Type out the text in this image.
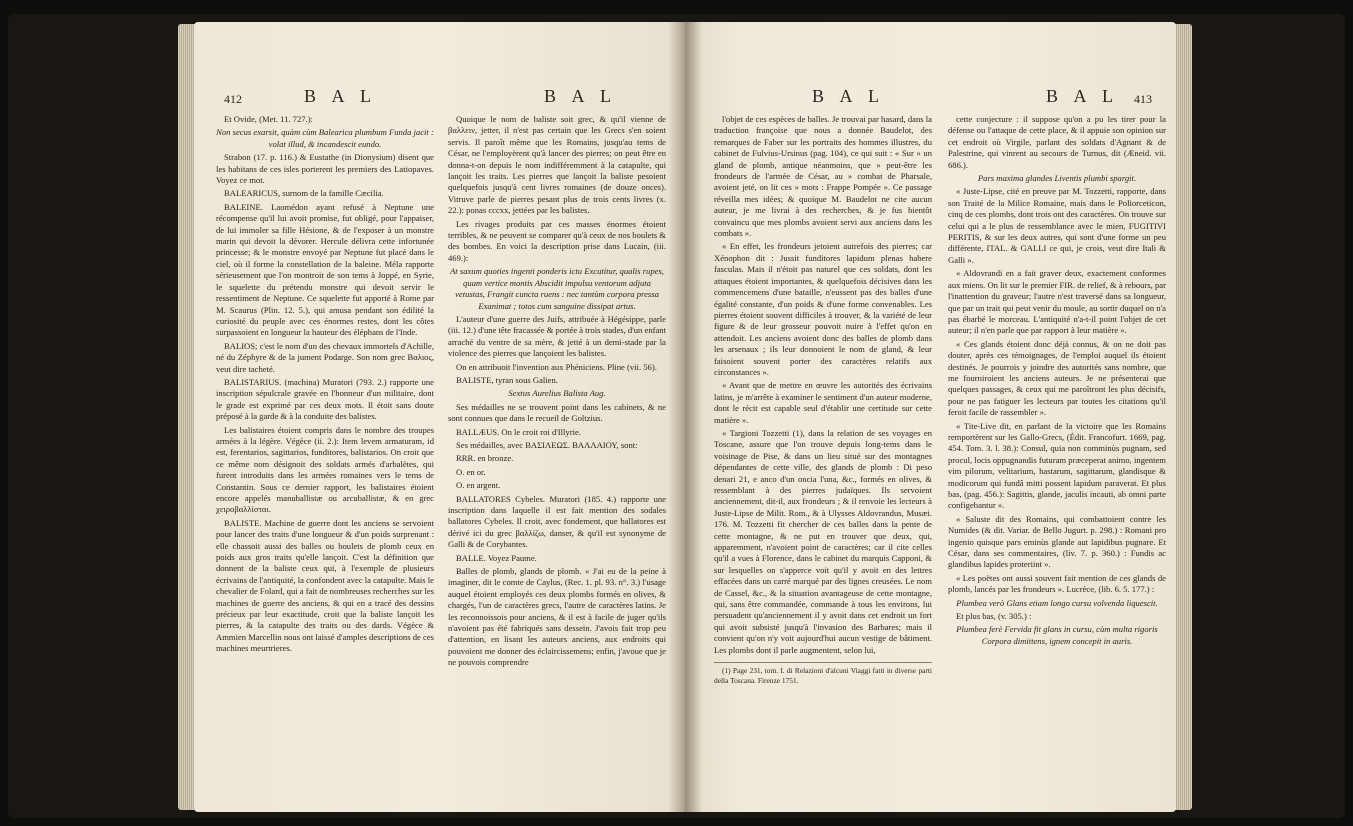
412	B A L	B A L

Et Ovide, (Met. 11. 727.):

Non secus exarsit, quàm cùm Balearica plumbum Funda jacit : volat illud, & incandescit eundo.

Strabon (17. p. 116.) & Eustathe (in Dionysium) disent que les habitans de ces isles porterent les premiers des Latiopaves. Voyez ce mot.

BALEARICUS, surnom de la famille Cæcilia.

BALEINE. Laomédon ayant refusé à Neptune une récompense qu'il lui avoit promise, fut obligé, pour l'appaiser, de lui immoler sa fille Hésione, & de l'exposer à un monstre marin qui devoit la dévorer. Hercule délivra cette infortunée princesse; & le monstre envoyé par Neptune fut placé dans le ciel, où il forme la constellation de la baleine. Méla rapporte sérieusement que l'on montroit de son tems à Joppé, en Syrie, le squelette du prétendu monstre qui devoit servir le ressentiment de Neptune. Ce squelette fut apporté à Rome par M. Scaurus (Plin. 12. 5.), qui amusa pendant son édilité la curiosité du peuple avec ces énormes restes, dont les côtes surpassoient en longueur la hauteur des éléphans de l'Inde.

BALIOS; c'est le nom d'un des chevaux immortels d'Achille, né du Zéphyre & de la jument Podarge. Son nom grec Βαλιος, veut dire tacheté.

BALISTARIUS. (machina) Muratori (793. 2.) rapporte une inscription sépulcrale gravée en l'honneur d'un militaire, dont le grade est exprimé par ces deux mots. Il étoit sans doute préposé à la garde & à la conduite des balistes.

Les balistaires étoient compris dans le nombre des troupes armées à la légère. Végèce (ii. 2.): Item levem armaturam, id est, ferentarios, sagittarios, funditores, balistarios. On croit que ce même nom désignoit des soldats armés d'arbalètes, qui furent introduits dans les armées romaines vers le tems de Constantin. Sous ce dernier rapport, les balistaires étoient encore appelés manuballistæ ou arcuballistæ, & en grec χειροβαλλίσται.

BALISTE. Machine de guerre dont les anciens se servoient pour lancer des traits d'une longueur & d'un poids surprenant : elle chassoit aussi des balles ou boulets de plomb ceux en poids aux gros traits qu'elle lançoit. C'est la définition que donnent de la baliste ceux qui, à l'exemple de plusieurs écrivains de l'antiquité, la confondent avec la catapulte. Mais le chevalier de Folard, qui a fait de nombreuses recherches sur les machines de guerre des anciens, & qui en a tracé des dessins précieux par leur exactitude, croit que la baliste lançoit les pierres, & la catapulte des traits ou des dards. Végèce & Ammien Marcellin nous ont laissé d'amples descriptions de ces machines meurtrieres.

Quoique le nom de baliste soit grec, & qu'il vienne de βαλλειν, jetter, il n'est pas certain que les Grecs s'en soient servis. Il paroît même que les Romains, jusqu'au tems de César, ne l'employèrent qu'à lancer des pierres; on peut être en donna-t-on depuis le nom indifféremment à la catapulte, qui lançoit les traits. Les pierres que lançoit la baliste pesoient quelquefois jusqu'à cent livres romaines (de douze onces). Vitruve parle de pierres pesant plus de trois cents livres (x. 22.): ponas cccxx, jettées par les balistes.

Les rivages produits par ces masses énormes étoient terribles, & ne peuvent se comparer qu'à ceux de nos boulets & des bombes. En voici la description prise dans Lucain, (iii. 469.):

At saxum quoties ingenti ponderis ictu Excutitur, qualis rupes, quam vertice montis Abscidit impulsu ventorum adjuta vetustas, Frangit cuncta ruens : nec tantùm corpora pressa Exanimat ; totos cum sanguine dissipat artus.

L'auteur d'une guerre des Juifs, attribuée à Hégésippe, parle (iii. 12.) d'une tête fracassée & portée à trois stades, d'un enfant arraché du ventre de sa mère, & jetté à un demi-stade par la violence des pierres que lançoient les balistes.

On en attribuoit l'invention aux Phéniciens. Pline (vii. 56).

BALISTE, tyran sous Galien.

Sextus Aurelius Balista Aug.

Ses médailles ne se trouvent point dans les cabinets, & ne sont connues que dans le recueil de Goltzius.

BALLÆUS. On le croit roi d'Illyrie.

Ses médailles, avec ΒΑΣΙΛΕΩΣ. ΒΑΛΛΑΙΟΥ, sont:

RRR. en bronze.

O. en or.

O. en argent.

BALLATORES Cybeles. Muratori (185. 4.) rapporte une inscription dans laquelle il est fait mention des sodales ballatores Cybeles. Il croit, avec fondement, que ballatores est dérivé ici du grec βαλλίζω, danser, & qu'il est synonyme de Galli & de Corybantes.

BALLE. Voyez Paume.

Balles de plomb, glands de plomb. « J'ai eu de la peine à imaginer, dit le comte de Caylus, (Rec. 1. pl. 93. n°. 3.) l'usage auquel étoient employés ces deux plombs formés en olives, & chargés, l'un de caractères grecs, l'autre de caractères latins. Je les reconnoissois pour anciens, & il est à facile de juger qu'ils n'avoient pas été fabriqués sans dessein. J'avois fait trop peu d'attention, en lisant les auteurs anciens, aux endroits qui pouvoient me donner des éclaircissemens; enfin, j'avoue que je ne pouvois comprendre

B A L	B A L 413

l'objet de ces espèces de balles. Je trouvai par hasard, dans la traduction françoise que nous a donnée Baudelot, des remarques de Faber sur les portraits des hommes illustres, du cabinet de Fulvius-Ursinus (pag. 104), ce qui suit : « Sur » un gland de plomb, antique néanmoins, que » peut-être les frondeurs de l'armée de César, au » combat de Pharsale, avoient jeté, on lit ces » mots : Frappe Pompée ». Ce passage réveilla mes idées; & quoique M. Baudelot ne cite aucun auteur, je me livrai à des recherches, & je fus bientôt convaincu que mes plombs avoient servi aux anciens dans les combats ».

« En effet, les frondeurs jetoient autrefois des pierres; car Xénophon dit : Jussit funditores lapidum plenas habere fasculas. Mais il n'étoit pas naturel que ces soldats, dont les attaques étoient importantes, & quelquefois décisives dans les commencemens d'une bataille, n'eussent pas des balles d'une égalité constante, d'un poids & d'une forme convenables. Les pierres étoient souvent difficiles à trouver, & la variété de leur figure & de leur grosseur pouvoit nuire à l'effet qu'on en attendoit. Les anciens avoient donc des balles de plomb dans les arsenaux ; ils leur donnoient le nom de gland, & leur faisoient souvent porter des caractères relatifs aux circonstances ».

« Avant que de mettre en œuvre les autorités des écrivains latins, je m'arrête à examiner le sentiment d'un auteur moderne, dont le récit est capable seul d'établir une certitude sur cette matière ».

« Targioni Tozzetti (1), dans la relation de ses voyages en Toscane, assure que l'on trouve depuis long-tems dans le voisinage de Pise, & dans un lieu situé sur des montagnes dépendantes de cette ville, des glands de plomb : Di peso denari 21, e anco d'un oncia l'una, &c., formés en olives, & ressemblant à des pierres judaïques. Ils servoient anciennement, dit-il, aux frondeurs ; & il renvoie les lecteurs à Juste-Lipse de Milit. Rom., & à Ulysses Aldovrandus, Musæi. 176. M. Tozzetti fit chercher de ces balles dans la pente de cette montagne, & ne put en trouver que deux, qui, apparemment, n'avoient point de caractères; car il cite celles qu'il a vues à Florence, dans le cabinet du marquis Capponi, & sur lesquelles on s'apperce voit qu'il y avoit en des lettres effacées dans un carré marqué par des lignes creusées. Le nom de Cassel, &c., & la situation avantageuse de cette montagne, qui, sans être commandée, commande à tous les environs, lui persuadent qu'anciennement il y avoit dans cet endroit un fort qui avoit subsisté jusqu'à l'invasion des Barbares; mais il convient qu'on n'y voit aujourd'hui aucun vestige de bâtiment. Les plombs dont il parle augmentent, selon lui,

(1) Page 231, tom. I. di Relazioni d'alcuni Viaggi fatti in diverse parti della Toscana. Firenze 1751.

cette conjecture : il suppose qu'on a pu les tirer pour la défense ou l'attaque de cette place, & il appuie son opinion sur cet endroit où Virgile, parlant des soldats d'Agnant & de Palestrine, qui vinrent au secours de Turnus, dit (Æneid. vii. 686.).

Pars maxima glandes Liventis plumbi spargit.

« Juste-Lipse, cité en preuve par M. Tozzetti, rapporte, dans son Traité de la Milice Romaine, mais dans le Poliorceticon, cinq de ces plombs, dont trois ont des caractères. On trouve sur celui qui a le plus de ressemblance avec le mien, FUGITIVI PERITIS, & sur les deux autres, qui sont d'une forme un peu différente, ITAL. & GALLI ce qui, je crois, veut dire Itali & Galli ».

« Aldovrandi en a fait graver deux, exactement conformes aux miens. On lit sur le premier FIR. de relief, & à rebours, par l'inattention du graveur; l'autre n'est traversé dans sa longueur, que par un trait qui peut venir du moule, au sortir duquel on n'a pas ébarbé le morceau. L'antiquité n'a-t-il point l'objet de cet auteur; il n'en parle que par rapport à leur matière ».

« Ces glands étoient donc déjà connus, & on ne doit pas douter, après ces témoignages, de l'emploi auquel ils étoient destinés. Je pourrois y joindre des autorités sans nombre, que me fourniroient les anciens auteurs. Je ne présenterai que quelques passages, & ceux qui me paroîtront les plus décisifs, pour ne pas fatiguer les lecteurs par toutes les citations qu'il feroit facile de rassembler ».

« Tite-Live dit, en parlant de la victoire que les Romains remportèrent sur les Gallo-Grecs, (Édit. Francofurt. 1669, pag. 454. Tom. 3. l. 38.): Consul, quia non comminùs pugnam, sed procul, locis oppugnandis futuram præceperat animo, ingentem vim pilorum, velitarium, hastarum, sagittarum, glandisque & modicorum qui fundâ mitti possent lapidum paraverat. Et plus bas, (pag. 456.): Sagittis, glande, jaculis incauti, ab omni parte configebantur ».

« Saluste dit des Romains, qui combattoient contre les Numides (& dit. Variar. de Bello Jugurt. p. 298.) : Romani pro ingenio quisque pars eminùs glande aut lapidibus pugnare. Et César, dans ses commentaires, (liv. 7. p. 360.) : Fundis ac glandibus lapides proteriint ».

« Les poëtes ont aussi souvent fait mention de ces glands de plomb, lancés par les frondeurs ». Lucrèce, (lib. 6. 5. 177.) :

Plumbea verò Glans etiam longo cursu volvenda liquescit.

Et plus bas, (v. 305.) :

Plumbea ferè Fervida fit glans in cursu, cùm multa rigoris Corpora dimittens, ignem concepit in auris.
